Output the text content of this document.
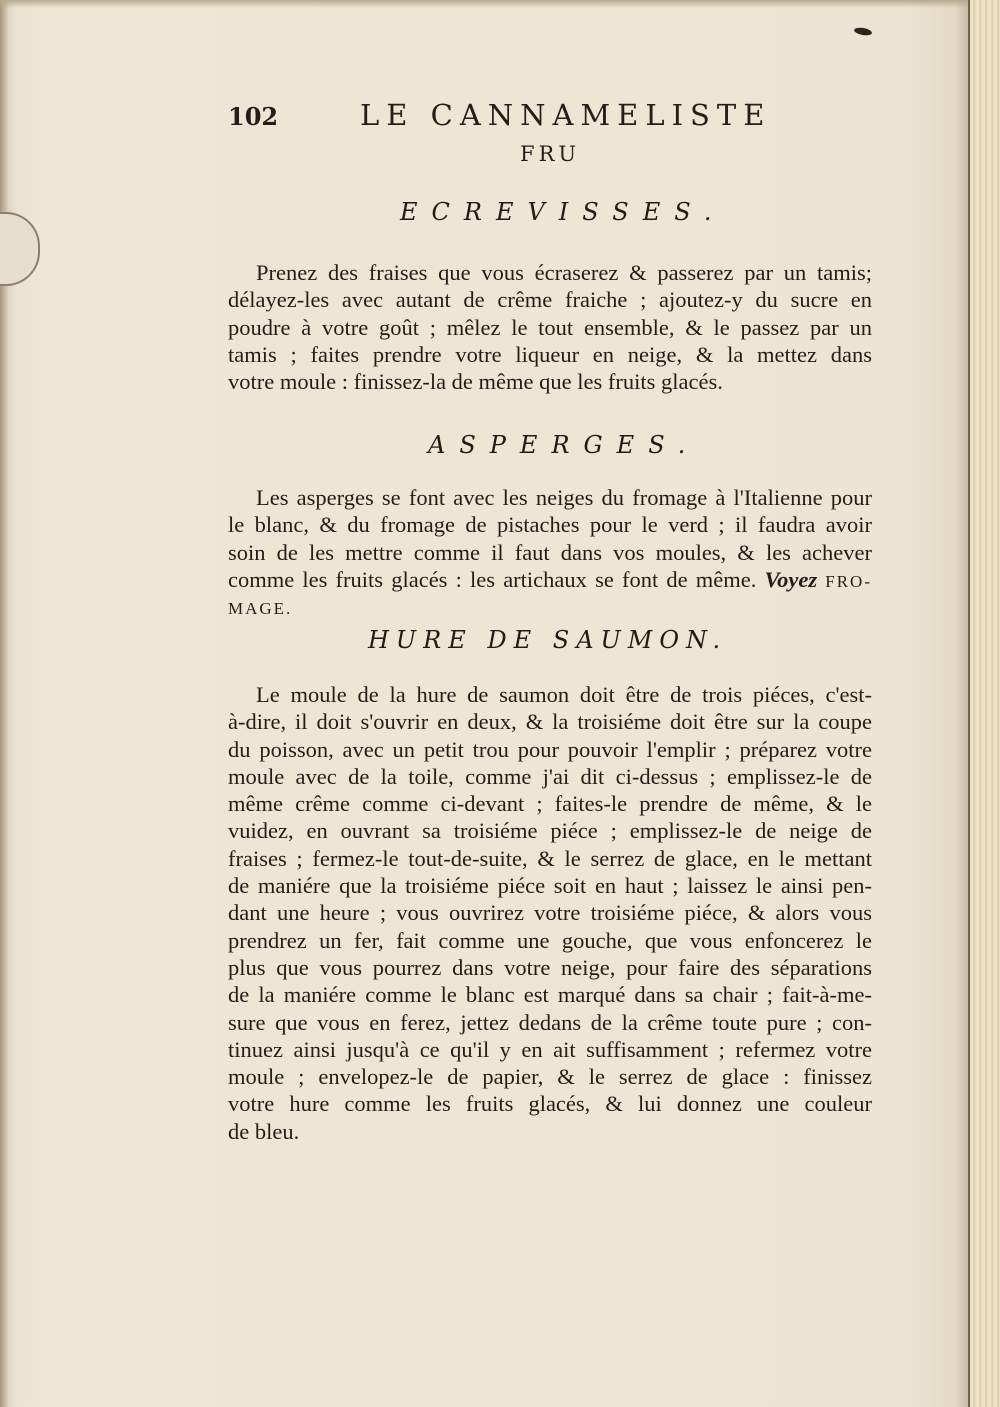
102	LE CANNAMELISTE
FRU
ECREVISSES.
Prenez des fraises que vous écraserez & passerez par un tamis;
délayez-les avec autant de crême fraiche ; ajoutez-y du sucre en
poudre à votre goût ; mêlez le tout ensemble, & le passez par un
tamis ; faites prendre votre liqueur en neige, & la mettez dans
votre moule : finissez-la de même que les fruits glacés.
ASPERGES.
Les asperges se font avec les neiges du fromage à l'Italienne pour
le blanc, & du fromage de pistaches pour le verd ; il faudra avoir
soin de les mettre comme il faut dans vos moules, & les achever
comme les fruits glacés : les artichaux se font de même. Voyez FRO-
MAGE.
HURE DE SAUMON.
Le moule de la hure de saumon doit être de trois piéces, c'est-
à-dire, il doit s'ouvrir en deux, & la troisiéme doit être sur la coupe
du poisson, avec un petit trou pour pouvoir l'emplir ; préparez votre
moule avec de la toile, comme j'ai dit ci-dessus ; emplissez-le de
même crême comme ci-devant ; faites-le prendre de même, & le
vuidez, en ouvrant sa troisiéme piéce ; emplissez-le de neige de
fraises ; fermez-le tout-de-suite, & le serrez de glace, en le mettant
de maniére que la troisiéme piéce soit en haut ; laissez le ainsi pen-
dant une heure ; vous ouvrirez votre troisiéme piéce, & alors vous
prendrez un fer, fait comme une gouche, que vous enfoncerez le
plus que vous pourrez dans votre neige, pour faire des séparations
de la maniére comme le blanc est marqué dans sa chair ; fait-à-me-
sure que vous en ferez, jettez dedans de la crême toute pure ; con-
tinuez ainsi jusqu'à ce qu'il y en ait suffisamment ; refermez votre
moule ; envelopez-le de papier, & le serrez de glace : finissez
votre hure comme les fruits glacés, & lui donnez une couleur
de bleu.
